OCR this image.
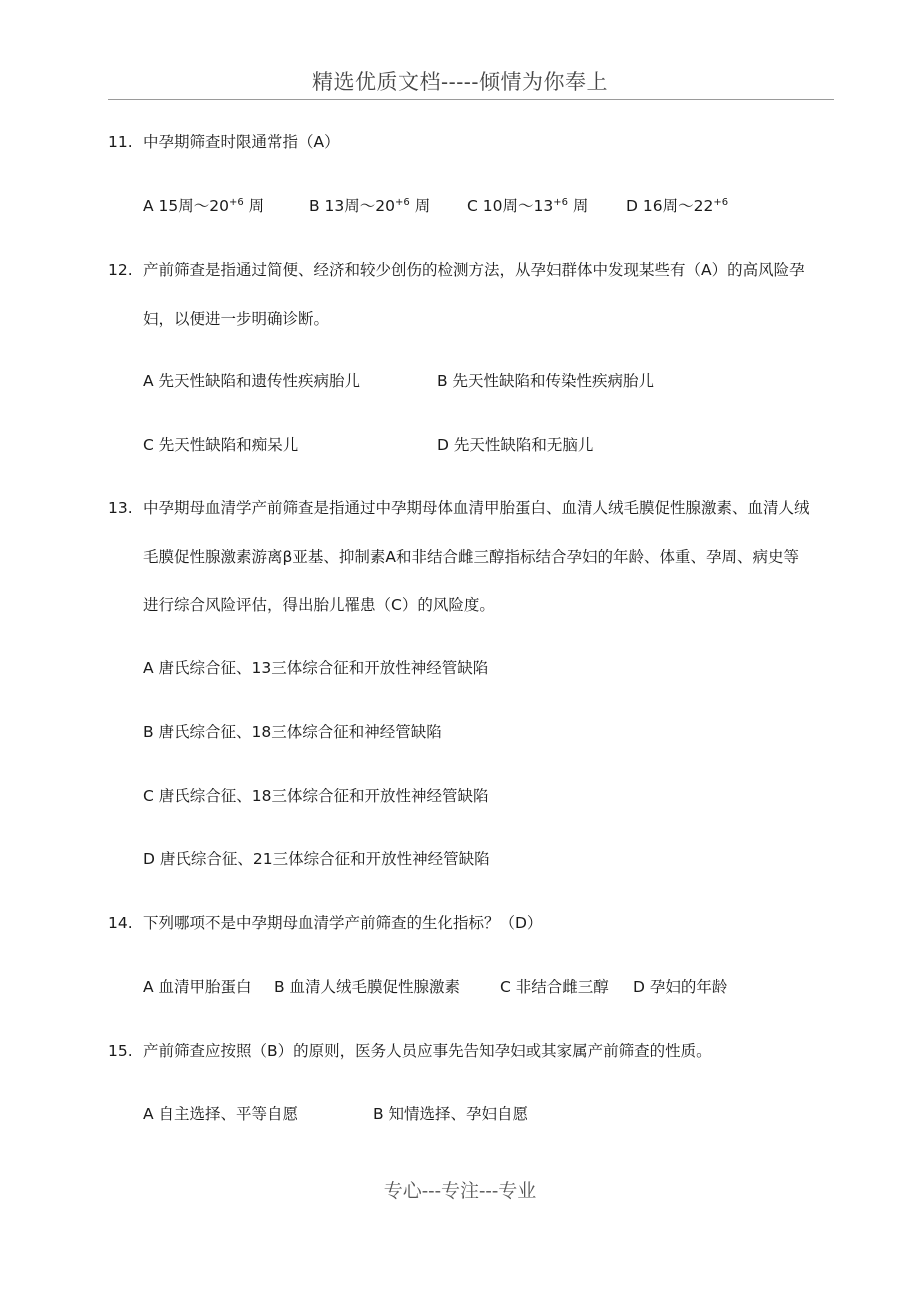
精选优质文档-----倾情为你奉上
11. 中孕期筛查时限通常指（A）
A 15周$\sim 20^{+6}$ 周	B 13周$\sim 20^{+6}$ 周 C 10周$\sim 13^{+6}$ 周 D 16周$\sim 22^{+6}$
12. 产前筛查是指通过简便、经济和较少创伤的检测方法，从孕妇群体中发现某些有（A）的高风险孕
妇，以便进一步明确诊断。
A 先天性缺陷和遗传性疾病胎儿	B 先天性缺陷和传染性疾病胎儿
C 先天性缺陷和痴呆儿	D 先天性缺陷和无脑儿
13. 中孕期母血清学产前筛查是指通过中孕期母体血清甲胎蛋白、血清人绒毛膜促性腺激素、血清人绒
毛膜促性腺激素游离β亚基、抑制素A和非结合雌三醇指标结合孕妇的年龄、体重、孕周、病史等
进行综合风险评估，得出胎儿罹患（C）的风险度。
A 唐氏综合征、13三体综合征和开放性神经管缺陷
B 唐氏综合征、18三体综合征和神经管缺陷
C 唐氏综合征、18三体综合征和开放性神经管缺陷
D 唐氏综合征、21三体综合征和开放性神经管缺陷
14. 下列哪项不是中孕期母血清学产前筛查的生化指标？（D）
A 血清甲胎蛋白 B 血清人绒毛膜促性腺激素	C 非结合雌三醇 D 孕妇的年龄
15. 产前筛查应按照（B）的原则，医务人员应事先告知孕妇或其家属产前筛查的性质。
A 自主选择、平等自愿	B 知情选择、孕妇自愿
专心---专注---专业
